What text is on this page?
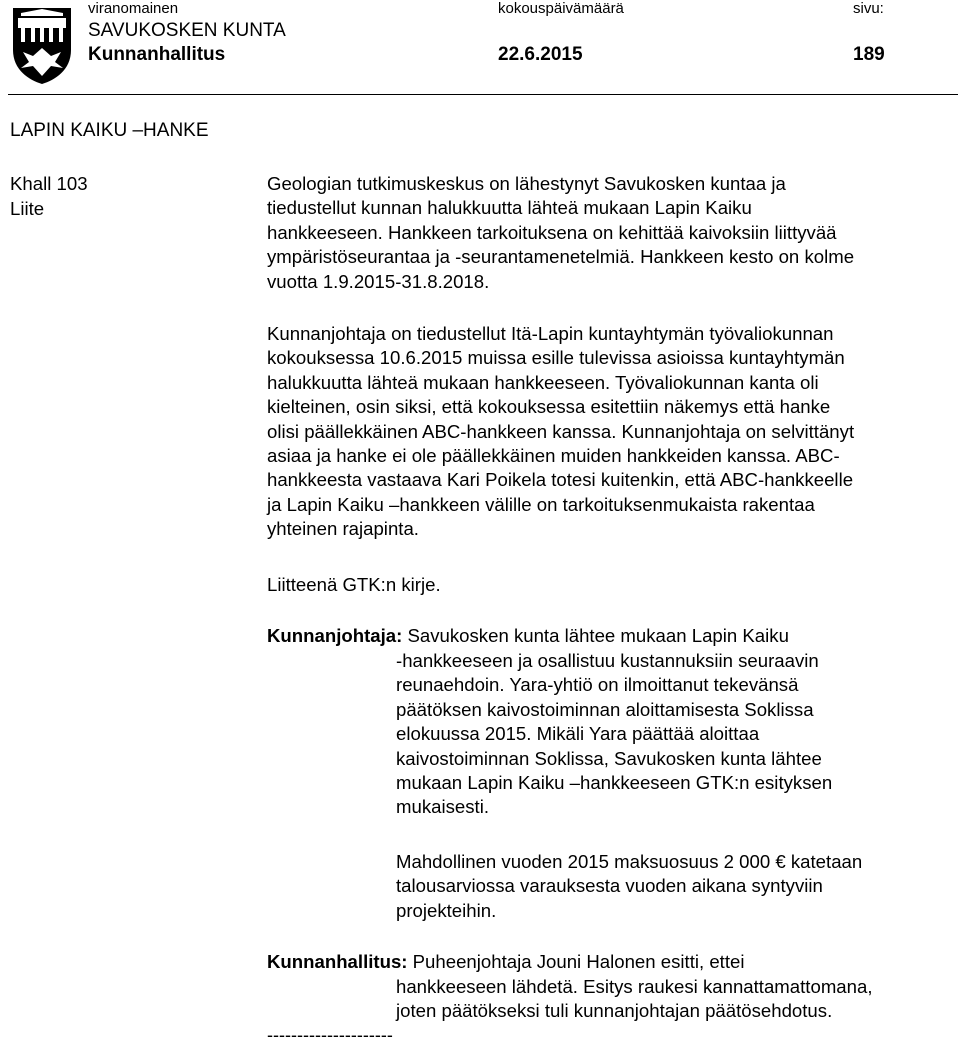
viranomainen	kokouspäivämäärä	sivu:
SAVUKOSKEN KUNTA
Kunnanhallitus	22.6.2015	189
LAPIN KAIKU –HANKE
Khall 103
Liite

Geologian tutkimuskeskus on lähestynyt Savukosken kuntaa ja

tiedustellut kunnan halukkuutta lähteä mukaan Lapin Kaiku

hankkeeseen. Hankkeen tarkoituksena on kehittää kaivoksiin liittyvää

ympäristöseurantaa ja -seurantamenetelmiä. Hankkeen kesto on kolme

vuotta 1.9.2015-31.8.2018.

Kunnanjohtaja on tiedustellut Itä-Lapin kuntayhtymän työvaliokunnan

kokouksessa 10.6.2015 muissa esille tulevissa asioissa kuntayhtymän

halukkuutta lähteä mukaan hankkeeseen. Työvaliokunnan kanta oli

kielteinen, osin siksi, että kokouksessa esitettiin näkemys että hanke

olisi päällekkäinen ABC-hankkeen kanssa. Kunnanjohtaja on selvittänyt

asiaa ja hanke ei ole päällekkäinen muiden hankkeiden kanssa. ABC-

hankkeesta vastaava Kari Poikela totesi kuitenkin, että ABC-hankkeelle

ja Lapin Kaiku –hankkeen välille on tarkoituksenmukaista rakentaa

yhteinen rajapinta.

Liitteenä GTK:n kirje.
Kunnanjohtaja: Savukosken kunta lähtee mukaan Lapin Kaiku

-hankkeeseen ja osallistuu kustannuksiin seuraavin

reunaehdoin. Yara-yhtiö on ilmoittanut tekevänsä

päätöksen kaivostoiminnan aloittamisesta Soklissa

elokuussa 2015. Mikäli Yara päättää aloittaa

kaivostoiminnan Soklissa, Savukosken kunta lähtee

mukaan Lapin Kaiku –hankkeeseen GTK:n esityksen

mukaisesti.

Mahdollinen vuoden 2015 maksuosuus 2 000 € katetaan

talousarviossa varauksesta vuoden aikana syntyviin

projekteihin.

Kunnanhallitus: Puheenjohtaja Jouni Halonen esitti, ettei

hankkeeseen lähdetä. Esitys raukesi kannattamattomana,

joten päätökseksi tuli kunnanjohtajan päätösehdotus.

---------------------
